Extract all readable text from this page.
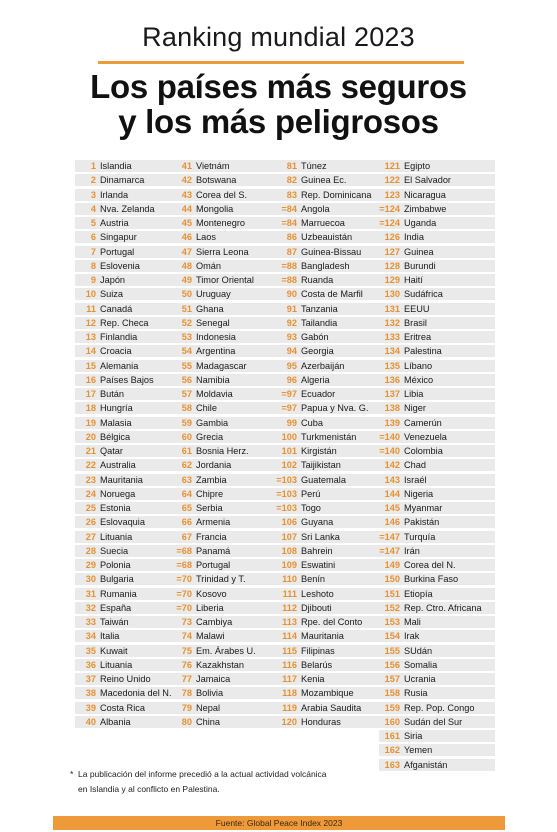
Ranking mundial 2023
Los países más seguros
y los más peligrosos
1 Islandia
2 Dinamarca
3 Irlanda
4 Nva. Zelanda
5 Austria
6 Singapur
7 Portugal
8 Eslovenia
9 Japón
10 Suiza
11 Canadá
12 Rep. Checa
13 Finlandia
14 Croacia
15 Alemania
16 Países Bajos
17 Bután
18 Hungría
19 Malasia
20 Bélgica
21 Qatar
22 Australia
23 Mauritania
24 Noruega
25 Estonia
26 Eslovaquia
27 Lituania
28 Suecia
29 Polonia
30 Bulgaria
31 Rumania
32 España
33 Taiwán
34 Italia
35 Kuwait
36 Lituania
37 Reino Unido
38 Macedonia del N.
39 Costa Rica
40 Albania
41 Vietnám
42 Botswana
43 Corea del S.
44 Mongolia
45 Montenegro
46 Laos
47 Sierra Leona
48 Omán
49 Timor Oriental
50 Uruguay
51 Ghana
52 Senegal
53 Indonesia
54 Argentina
55 Madagascar
56 Namibia
57 Moldavia
58 Chile
59 Gambia
60 Grecia
61 Bosnia Herz.
62 Jordania
63 Zambia
64 Chipre
65 Serbia
66 Armenia
67 Francia
=68 Panamá
=68 Portugal
=70 Trinidad y T.
=70 Kosovo
=70 Liberia
73 Cambiya
74 Malawi
75 Em. Árabes U.
76 Kazakhstan
77 Jamaica
78 Bolivia
79 Nepal
80 China
81 Túnez
82 Guinea Ec.
83 Rep. Dominicana
=84 Angola
=84 Marruecoa
86 Uzbeauistán
87 Guinea-Bissau
=88 Bangladesh
=88 Ruanda
90 Costa de Marfil
91 Tanzania
92 Tailandia
93 Gabón
94 Georgia
95 Azerbaiján
96 Algeria
=97 Ecuador
=97 Papua y Nva. G.
99 Cuba
100 Turkmenistán
101 Kirgistán
102 Taijikistan
=103 Guatemala
=103 Perú
=103 Togo
106 Guyana
107 Sri Lanka
108 Bahrein
109 Eswatini
110 Benín
111 Leshoto
112 Djibouti
113 Rpe. del Conto
114 Mauritania
115 Filipinas
116 Belarús
117 Kenia
118 Mozambique
119 Arabia Saudita
120 Honduras
121 Egipto
122 El Salvador
123 Nicaragua
=124 Zimbabwe
=124 Uganda
126 India
127 Guinea
128 Burundi
129 Haití
130 Sudáfrica
131 EEUU
132 Brasil
133 Eritrea
134 Palestina
135 Líbano
136 México
137 Libia
138 Niger
139 Camerún
=140 Venezuela
=140 Colombia
142 Chad
143 Israél
144 Nigeria
145 Myanmar
146 Pakistán
=147 Turquía
=147 Irán
149 Corea del N.
150 Burkina Faso
151 Etiopía
152 Rep. Ctro. Africana
153 Mali
154 Irak
155 SUdán
156 Somalia
157 Ucrania
158 Rusia
159 Rep. Pop. Congo
160 Sudán del Sur
161 Siria
162 Yemen
163 Afganistán
* La publicación del informe precedió a la actual actividad volcánica
en Islandia y al conflicto en Palestina.
Fuente: Global Peace Index 2023
